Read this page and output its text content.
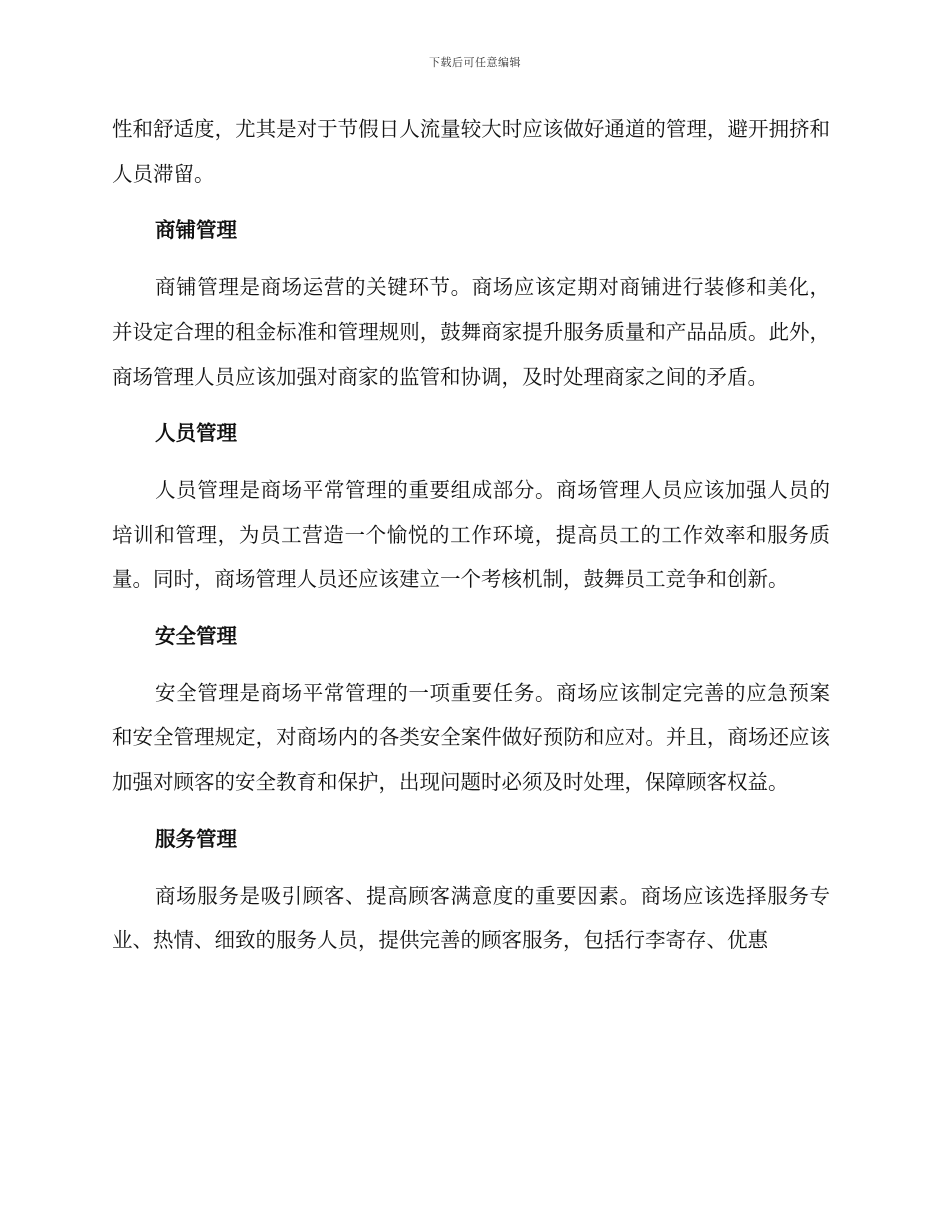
下载后可任意编辑

性和舒适度，尤其是对于节假日人流量较大时应该做好通道的管理，避开拥挤和人员滞留。

商铺管理

商铺管理是商场运营的关键环节。商场应该定期对商铺进行装修和美化，并设定合理的租金标准和管理规则，鼓舞商家提升服务质量和产品品质。此外，商场管理人员应该加强对商家的监管和协调，及时处理商家之间的矛盾。

人员管理

人员管理是商场平常管理的重要组成部分。商场管理人员应该加强人员的培训和管理，为员工营造一个愉悦的工作环境，提高员工的工作效率和服务质量。同时，商场管理人员还应该建立一个考核机制，鼓舞员工竞争和创新。

安全管理

安全管理是商场平常管理的一项重要任务。商场应该制定完善的应急预案和安全管理规定，对商场内的各类安全案件做好预防和应对。并且，商场还应该加强对顾客的安全教育和保护，出现问题时必须及时处理，保障顾客权益。

服务管理

商场服务是吸引顾客、提高顾客满意度的重要因素。商场应该选择服务专业、热情、细致的服务人员，提供完善的顾客服务，包括行李寄存、优惠
